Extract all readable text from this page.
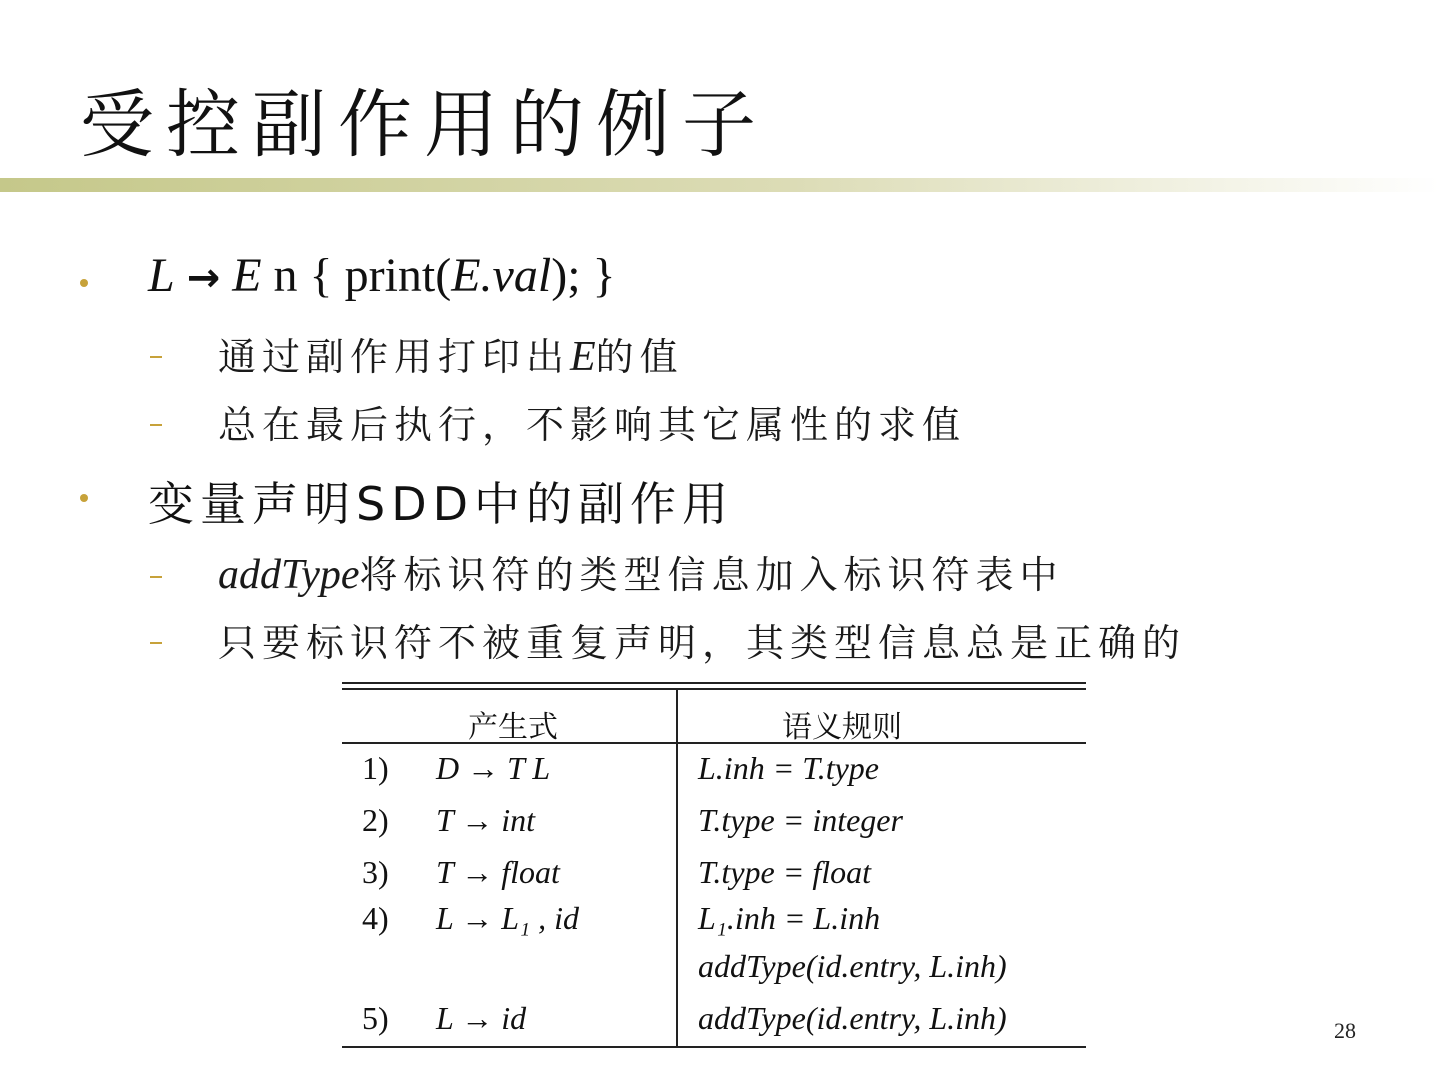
受控副作用的例子
L → E n { print(E.val); }
通过副作用打印出E的值
总在最后执行，不影响其它属性的求值
变量声明SDD中的副作用
addType将标识符的类型信息加入标识符表中
只要标识符不被重复声明，其类型信息总是正确的
产生式	语义规则
1) D → T L	L.inh = T.type
2) T → int	T.type = integer
3) T → float	T.type = float
4) L → L₁ , id	L₁.inh = L.inh
addType(id.entry, L.inh)
5) L → id	addType(id.entry, L.inh)	28
